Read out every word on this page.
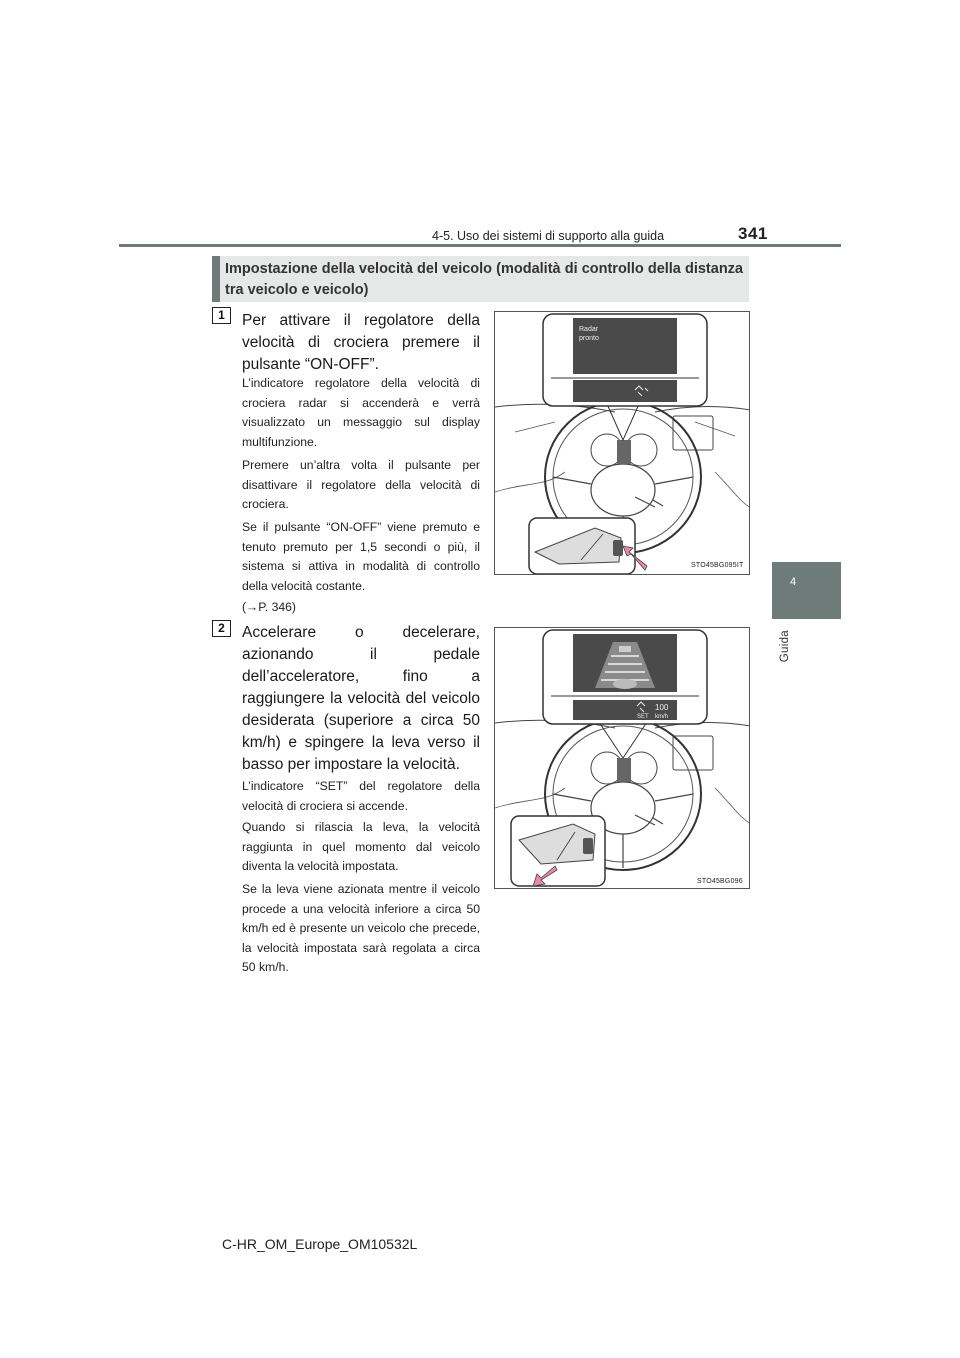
4-5. Uso dei sistemi di supporto alla guida	341
4
Guida
Impostazione della velocità del veicolo (modalità di controllo della distanza tra veicolo e veicolo)
1	Per attivare il regolatore della velocità di crociera premere il pulsante “ON-OFF”.
L’indicatore regolatore della velocità di crociera radar si accenderà e verrà visualizzato un messaggio sul display multifunzione.
Premere un’altra volta il pulsante per disattivare il regolatore della velocità di crociera.
Se il pulsante “ON-OFF” viene premuto e tenuto premuto per 1,5 secondi o più, il sistema si attiva in modalità di controllo della velocità costante.
(→P. 346)
Radar
pronto
STO45BG095IT
2	Accelerare o decelerare, azionando il pedale dell’acceleratore, fino a raggiungere la velocità del veicolo desiderata (superiore a circa 50 km/h) e spingere la leva verso il basso per impostare la velocità.
L’indicatore “SET” del regolatore della velocità di crociera si accende.
Quando si rilascia la leva, la velocità raggiunta in quel momento dal veicolo diventa la velocità impostata.
Se la leva viene azionata mentre il veicolo procede a una velocità inferiore a circa 50 km/h ed è presente un veicolo che precede, la velocità impostata sarà regolata a circa 50 km/h.
100
SET km/h
STO45BG096
C-HR_OM_Europe_OM10532L
